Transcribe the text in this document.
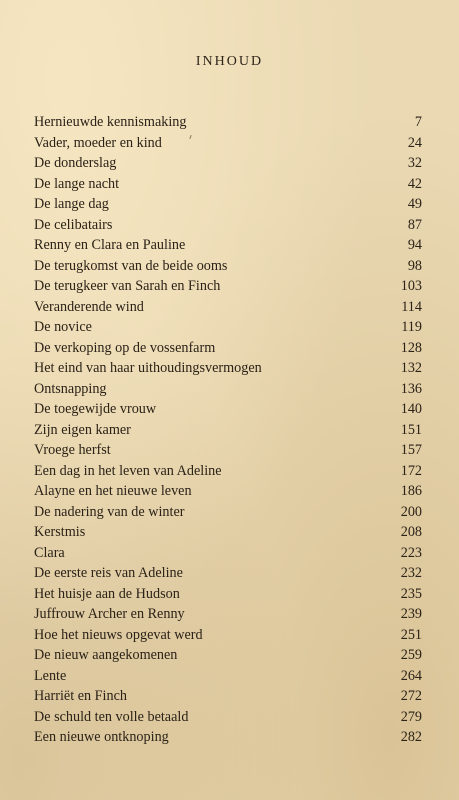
INHOUD
Hernieuwde kennismaking	7
Vader, moeder en kind	24
De donderslag	32
De lange nacht	42
De lange dag	49
De celibatairs	87
Renny en Clara en Pauline	94
De terugkomst van de beide ooms	98
De terugkeer van Sarah en Finch	103
Veranderende wind	114
De novice	119
De verkoping op de vossenfarm	128
Het eind van haar uithoudingsvermogen	132
Ontsnapping	136
De toegewijde vrouw	140
Zijn eigen kamer	151
Vroege herfst	157
Een dag in het leven van Adeline	172
Alayne en het nieuwe leven	186
De nadering van de winter	200
Kerstmis	208
Clara	223
De eerste reis van Adeline	232
Het huisje aan de Hudson	235
Juffrouw Archer en Renny	239
Hoe het nieuws opgevat werd	251
De nieuw aangekomenen	259
Lente	264
Harriët en Finch	272
De schuld ten volle betaald	279
Een nieuwe ontknoping	282
